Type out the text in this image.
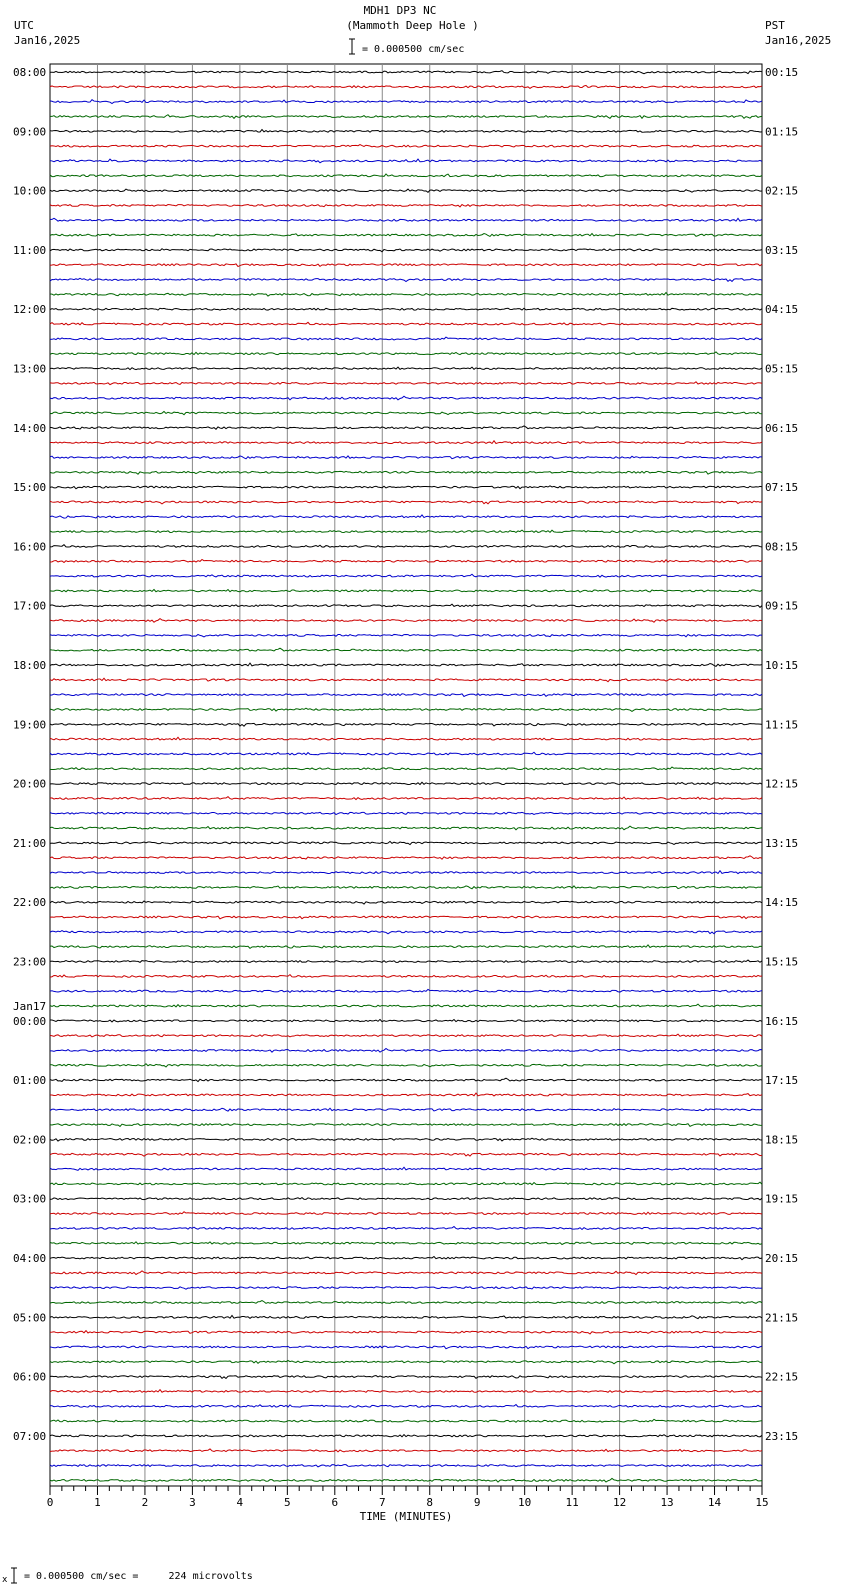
MDH1 DP3 NC
(Mammoth Deep Hole )
UTC
Jan16,2025
PST
Jan16,2025
= 0.000500 cm/sec
08:00	00:15
09:00	01:15
10:00	02:15
11:00	03:15
12:00	04:15
13:00	05:15
14:00	06:15
15:00	07:15
16:00	08:15
17:00	09:15
18:00	10:15
19:00	11:15
20:00	12:15
21:00	13:15
22:00	14:15
23:00	15:15
00:00	16:15
01:00	17:15
02:00	18:15
03:00	19:15
04:00	20:15
05:00	21:15
06:00	22:15
07:00	23:15
Jan17
0	1	2	3	4	5	6	7	8	9	10	11	12	13	14	15
TIME (MINUTES)
x = 0.000500 cm/sec =     224 microvolts
